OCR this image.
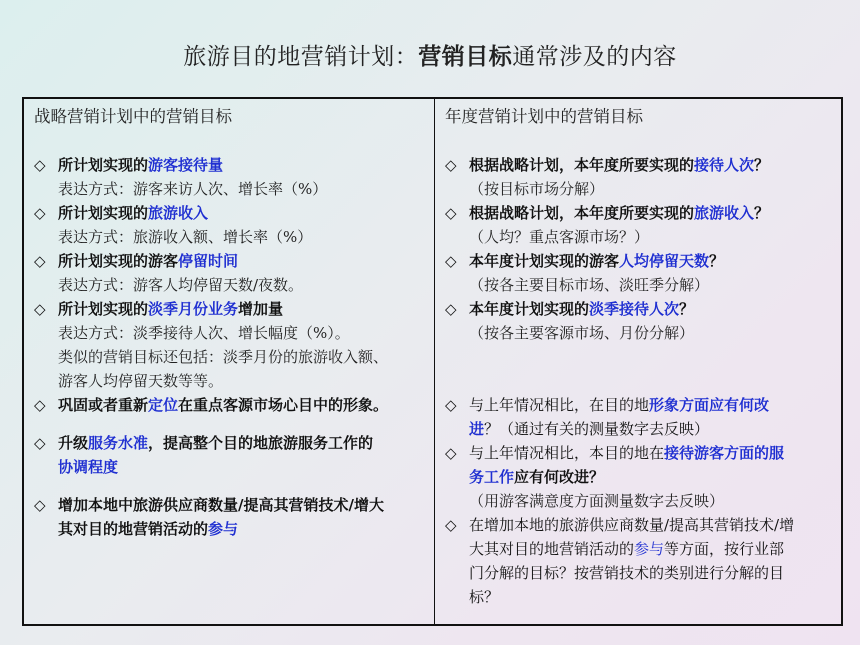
旅游目的地营销计划：营销目标通常涉及的内容
战略营销计划中的营销目标
◇ 所计划实现的游客接待量
表达方式：游客来访人次、增长率（%）
◇ 所计划实现的旅游收入
表达方式：旅游收入额、增长率（%）
◇ 所计划实现的游客停留时间
表达方式：游客人均停留天数/夜数。
◇ 所计划实现的淡季月份业务增加量
表达方式：淡季接待人次、增长幅度（%）。
类似的营销目标还包括：淡季月份的旅游收入额、
游客人均停留天数等等。
◇ 巩固或者重新定位在重点客源市场心目中的形象。
◇ 升级服务水准，提高整个目的地旅游服务工作的
协调程度
◇ 增加本地中旅游供应商数量/提高其营销技术/增大
其对目的地营销活动的参与
年度营销计划中的营销目标
◇ 根据战略计划，本年度所要实现的接待人次？
（按目标市场分解）
◇ 根据战略计划，本年度所要实现的旅游收入？
（人均？重点客源市场？）
◇ 本年度计划实现的游客人均停留天数？
（按各主要目标市场、淡旺季分解）
◇ 本年度计划实现的淡季接待人次？
（按各主要客源市场、月份分解）
◇ 与上年情况相比，在目的地形象方面应有何改
进？（通过有关的测量数字去反映）
◇ 与上年情况相比，本目的地在接待游客方面的服
务工作应有何改进？
（用游客满意度方面测量数字去反映）
◇ 在增加本地的旅游供应商数量/提高其营销技术/增
大其对目的地营销活动的参与等方面，按行业部
门分解的目标？按营销技术的类别进行分解的目
标？
